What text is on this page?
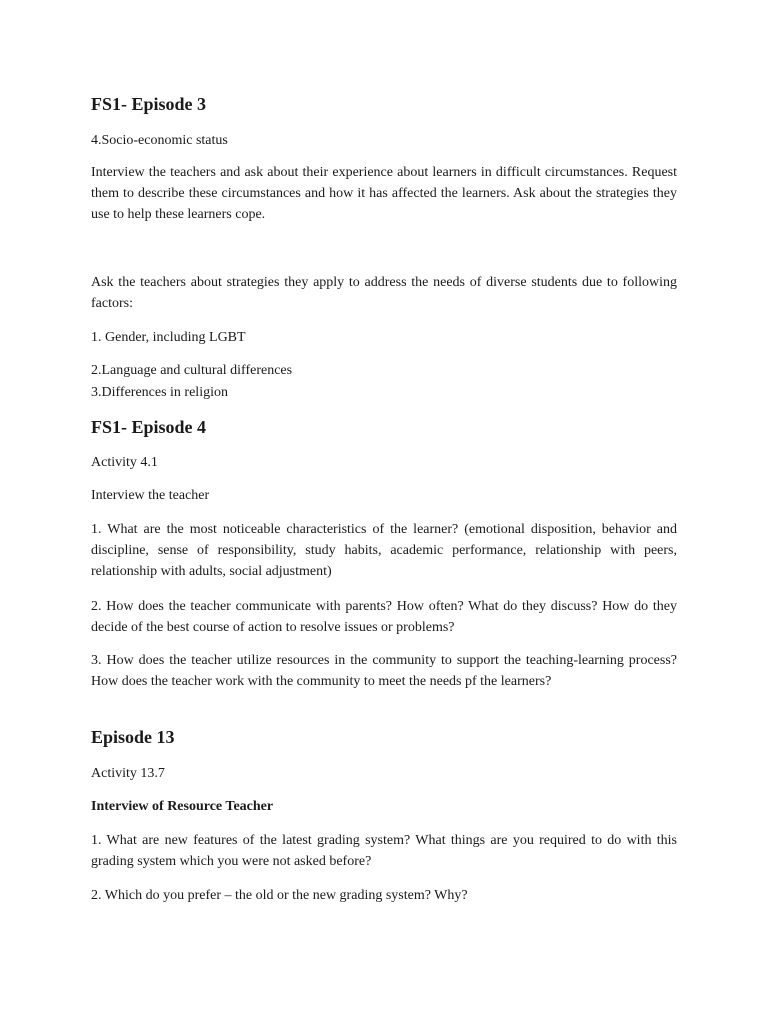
FS1- Episode 3
4.Socio-economic status
Interview the teachers and ask about their experience about learners in difficult circumstances. Request them to describe these circumstances and how it has affected the learners. Ask about the strategies they use to help these learners cope.
Ask the teachers about strategies they apply to address the needs of diverse students due to following factors:
1. Gender, including LGBT
2.Language and cultural differences
3.Differences in religion
FS1- Episode 4
Activity 4.1
Interview the teacher
1. What are the most noticeable characteristics of the learner? (emotional disposition, behavior and discipline, sense of responsibility, study habits, academic performance, relationship with peers, relationship with adults, social adjustment)
2. How does the teacher communicate with parents? How often? What do they discuss? How do they decide of the best course of action to resolve issues or problems?
3. How does the teacher utilize resources in the community to support the teaching-learning process? How does the teacher work with the community to meet the needs pf the learners?
Episode 13
Activity 13.7
Interview of Resource Teacher
1. What are new features of the latest grading system? What things are you required to do with this grading system which you were not asked before?
2. Which do you prefer – the old or the new grading system? Why?
